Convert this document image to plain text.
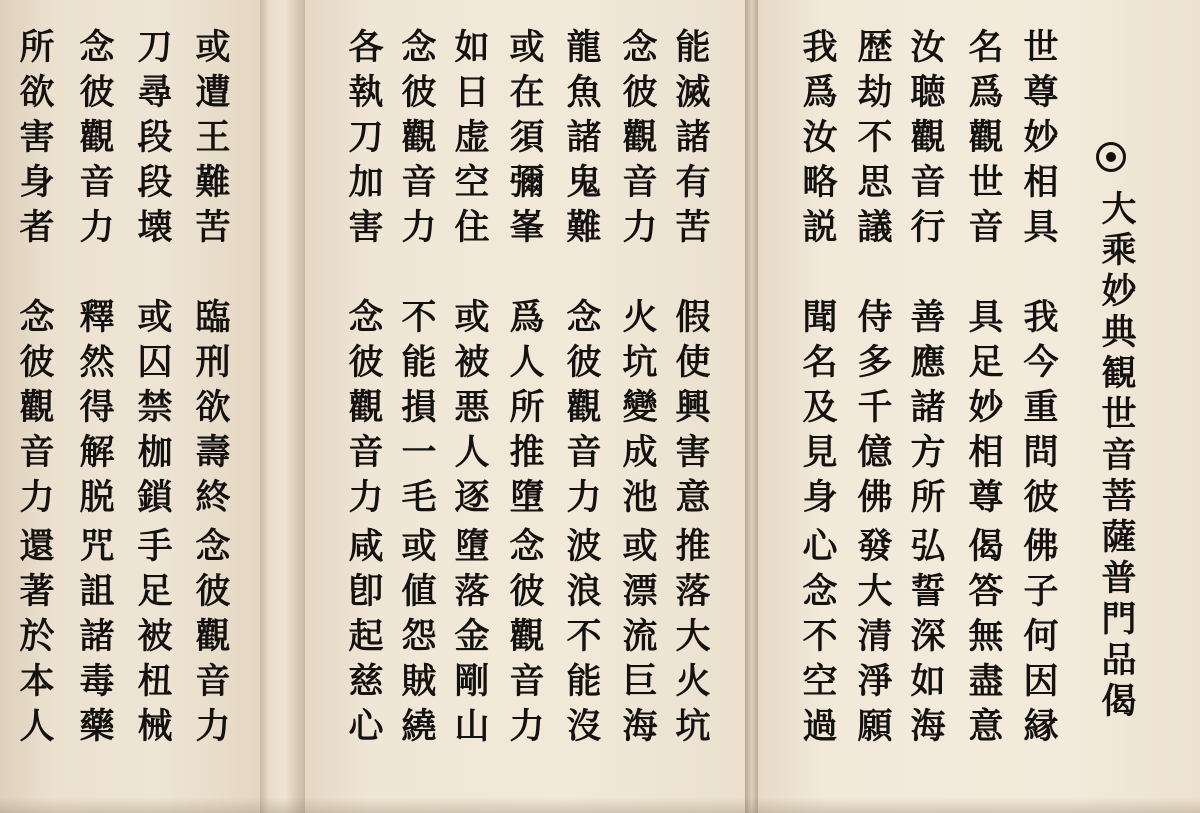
或遭王難苦
臨刑欲壽終
念彼觀音力
刀尋段段壊
或囚禁枷鎖
手足被杻械
念彼觀音力
釋然得解脱
咒詛諸毒藥
所欲害身者
念彼觀音力
還著於本人
能滅諸有苦
假使興害意
推落大火坑
念彼觀音力
火坑變成池
或漂流巨海
龍魚諸鬼難
念彼觀音力
波浪不能沒
或在須彌峯
爲人所推墮
念彼觀音力
如日虚空住
或被悪人逐
墮落金剛山
念彼觀音力
不能損一毛
或値怨賊繞
各執刀加害
念彼觀音力
咸卽起慈心
世尊妙相具
我今重問彼
佛子何因縁
名爲觀世音
具足妙相尊
偈答無盡意
汝聴觀音行
善應諸方所
弘誓深如海
歴劫不思議
侍多千億佛
發大清淨願
我爲汝略説
聞名及見身
心念不空過	大乘妙典観世音菩薩普門品偈
